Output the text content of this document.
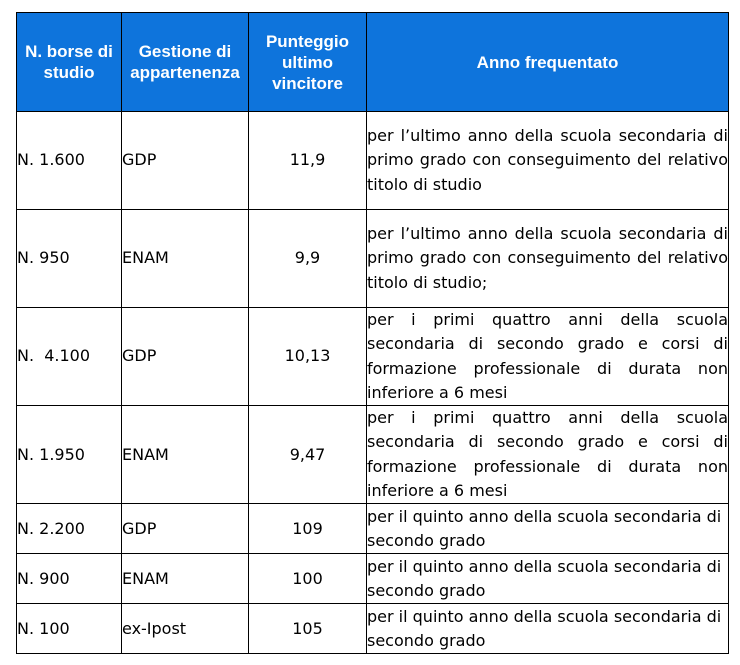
N. borse di studio	Gestione di appartenenza	Punteggio ultimo vincitore	Anno frequentato
N. 1.600	GDP	11,9	per l’ultimo anno della scuola secondaria di primo grado con conseguimento del relativo titolo di studio
N. 950	ENAM	9,9	per l’ultimo anno della scuola secondaria di primo grado con conseguimento del relativo titolo di studio;
N.  4.100	GDP	10,13	per i primi quattro anni della scuola secondaria di secondo grado e corsi di formazione professionale di durata non inferiore a 6 mesi
N. 1.950	ENAM	9,47	per i primi quattro anni della scuola secondaria di secondo grado e corsi di formazione professionale di durata non inferiore a 6 mesi
N. 2.200	GDP	109	per il quinto anno della scuola secondaria di secondo grado
N. 900	ENAM	100	per il quinto anno della scuola secondaria di secondo grado
N. 100	ex-Ipost	105	per il quinto anno della scuola secondaria di secondo grado
